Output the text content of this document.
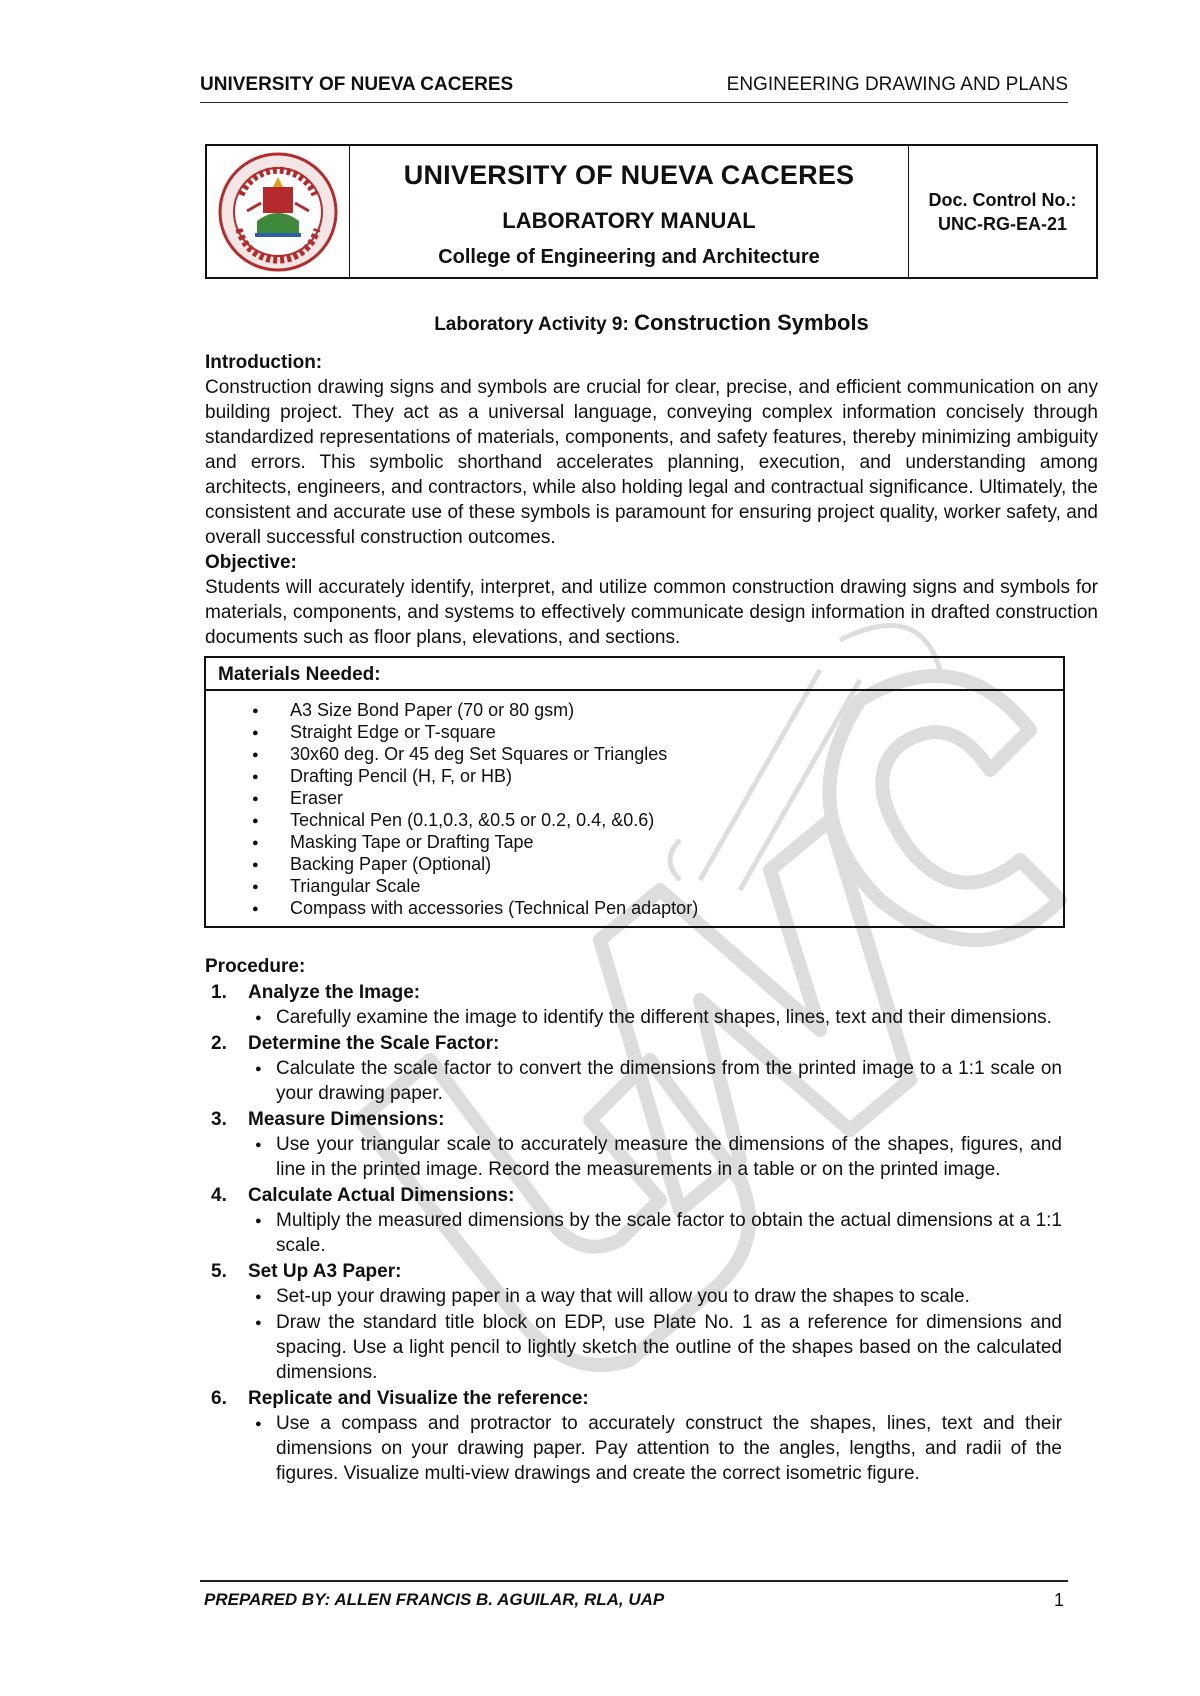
UNIVERSITY OF NUEVA CACERES	ENGINEERING DRAWING AND PLANS
UNIVERSITY OF NUEVA CACERES
LABORATORY MANUAL
College of Engineering and Architecture
Doc. Control No.:
UNC-RG-EA-21
Laboratory Activity 9: Construction Symbols
Introduction:
Construction drawing signs and symbols are crucial for clear, precise, and efficient communication on any building project. They act as a universal language, conveying complex information concisely through standardized representations of materials, components, and safety features, thereby minimizing ambiguity and errors. This symbolic shorthand accelerates planning, execution, and understanding among architects, engineers, and contractors, while also holding legal and contractual significance. Ultimately, the consistent and accurate use of these symbols is paramount for ensuring project quality, worker safety, and overall successful construction outcomes.
Objective:
Students will accurately identify, interpret, and utilize common construction drawing signs and symbols for materials, components, and systems to effectively communicate design information in drafted construction documents such as floor plans, elevations, and sections.
Materials Needed:
● A3 Size Bond Paper (70 or 80 gsm)
● Straight Edge or T-square
● 30x60 deg. Or 45 deg Set Squares or Triangles
● Drafting Pencil (H, F, or HB)
● Eraser
● Technical Pen (0.1,0.3, &0.5 or 0.2, 0.4, &0.6)
● Masking Tape or Drafting Tape
● Backing Paper (Optional)
● Triangular Scale
● Compass with accessories (Technical Pen adaptor)
Procedure:
1. Analyze the Image:
● Carefully examine the image to identify the different shapes, lines, text and their dimensions.
2. Determine the Scale Factor:
● Calculate the scale factor to convert the dimensions from the printed image to a 1:1 scale on your drawing paper.
3. Measure Dimensions:
● Use your triangular scale to accurately measure the dimensions of the shapes, figures, and line in the printed image. Record the measurements in a table or on the printed image.
4. Calculate Actual Dimensions:
● Multiply the measured dimensions by the scale factor to obtain the actual dimensions at a 1:1 scale.
5. Set Up A3 Paper:
● Set-up your drawing paper in a way that will allow you to draw the shapes to scale.
● Draw the standard title block on EDP, use Plate No. 1 as a reference for dimensions and spacing. Use a light pencil to lightly sketch the outline of the shapes based on the calculated dimensions.
6. Replicate and Visualize the reference:
● Use a compass and protractor to accurately construct the shapes, lines, text and their dimensions on your drawing paper. Pay attention to the angles, lengths, and radii of the figures. Visualize multi-view drawings and create the correct isometric figure.
PREPARED BY: ALLEN FRANCIS B. AGUILAR, RLA, UAP	1
